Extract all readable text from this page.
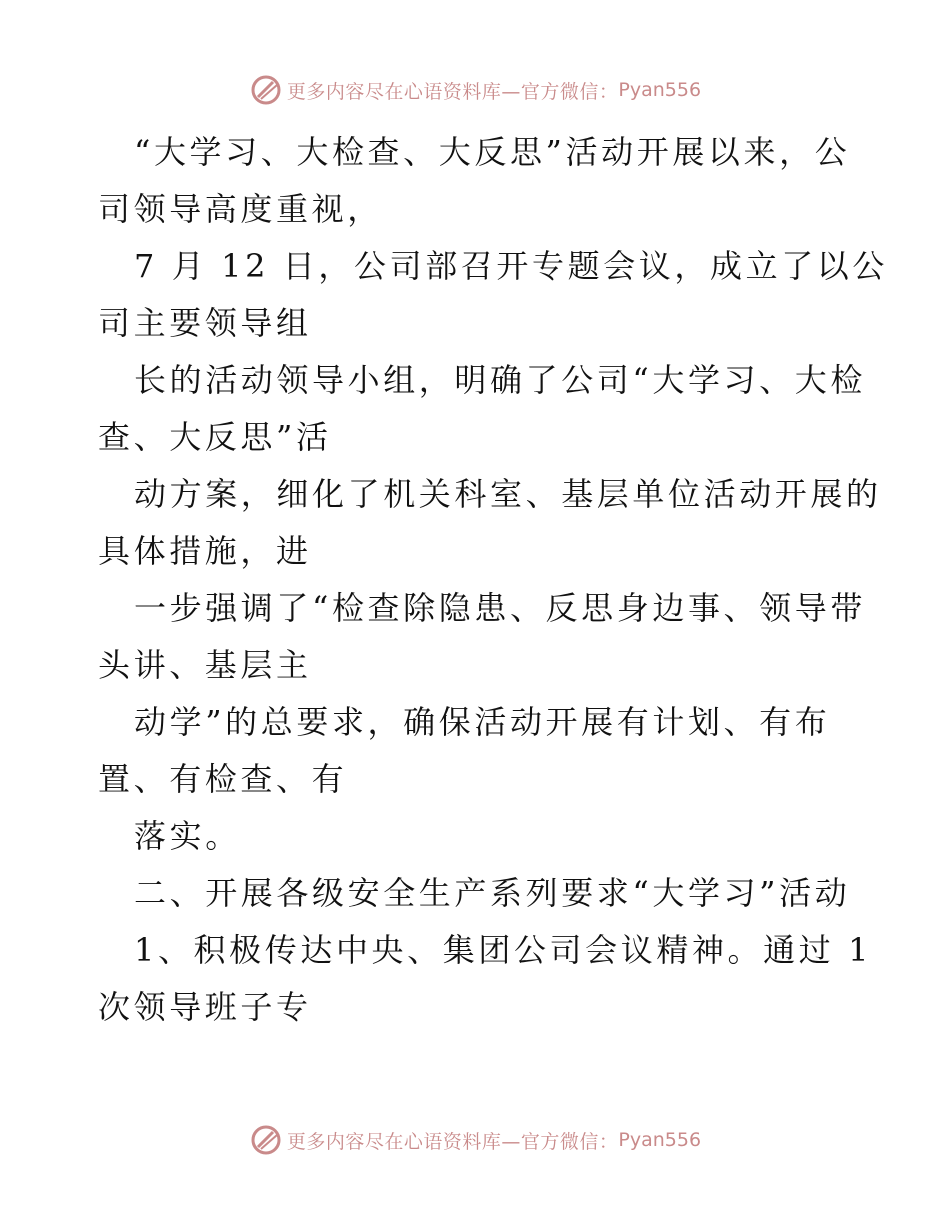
更多内容尽在心语资料库—官方微信： Pyan556
“大学习、大检查、大反思”活动开展以来，公
司领导高度重视，
7 月 12 日，公司部召开专题会议，成立了以公
司主要领导组
长的活动领导小组，明确了公司“大学习、大检
查、大反思”活
动方案，细化了机关科室、基层单位活动开展的
具体措施，进
一步强调了“检查除隐患、反思身边事、领导带
头讲、基层主
动学”的总要求，确保活动开展有计划、有布
置、有检查、有
落实。
二、开展各级安全生产系列要求“大学习”活动
1、积极传达中央、集团公司会议精神。通过 1
次领导班子专
更多内容尽在心语资料库—官方微信： Pyan556
